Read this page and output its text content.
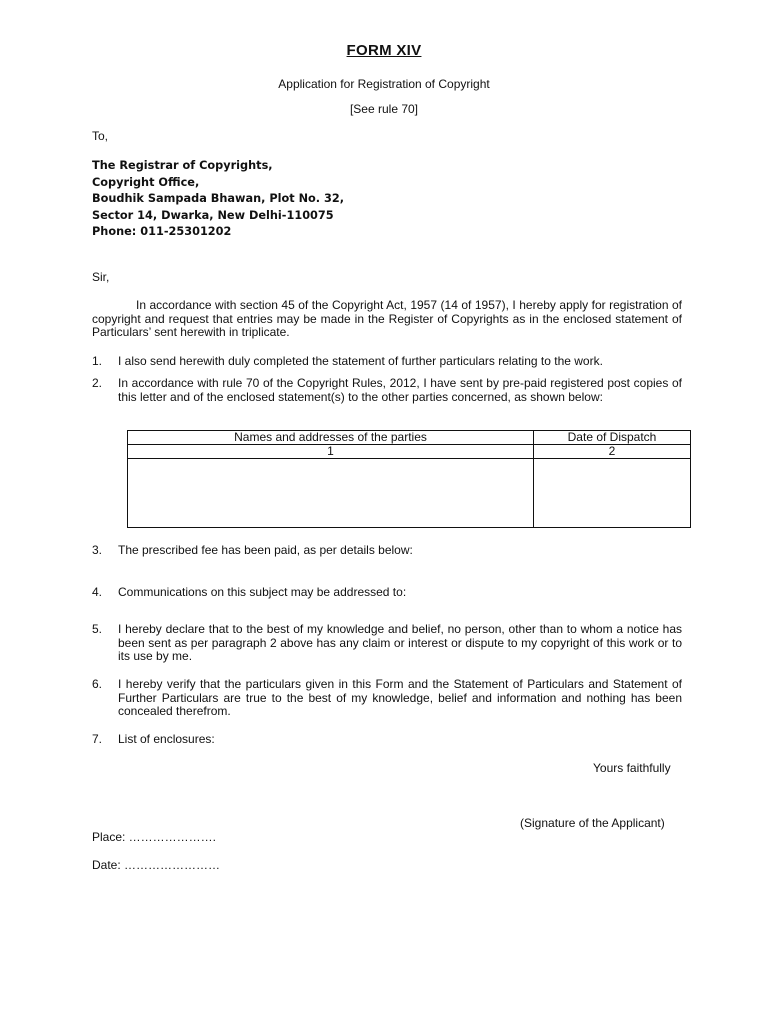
FORM XIV
Application for Registration of Copyright
[See rule 70]
To,
The Registrar of Copyrights,
Copyright Office,
Boudhik Sampada Bhawan, Plot No. 32,
Sector 14, Dwarka, New Delhi-110075
Phone: 011-25301202
Sir,
In accordance with section 45 of the Copyright Act, 1957 (14 of 1957), I hereby apply for registration of copyright and request that entries may be made in the Register of Copyrights as in the enclosed statement of Particulars’ sent herewith in triplicate.
1. I also send herewith duly completed the statement of further particulars relating to the work.
2. In accordance with rule 70 of the Copyright Rules, 2012, I have sent by pre-paid registered post copies of this letter and of the enclosed statement(s) to the other parties concerned, as shown below:
Names and addresses of the parties	Date of Dispatch
1	2

3. The prescribed fee has been paid, as per details below:
4. Communications on this subject may be addressed to:
5. I hereby declare that to the best of my knowledge and belief, no person, other than to whom a notice has been sent as per paragraph 2 above has any claim or interest or dispute to my copyright of this work or to its use by me.
6. I hereby verify that the particulars given in this Form and the Statement of Particulars and Statement of Further Particulars are true to the best of my knowledge, belief and information and nothing has been concealed therefrom.
7. List of enclosures:
Yours faithfully
(Signature of the Applicant)
Place: ………………….
Date: ……………………
